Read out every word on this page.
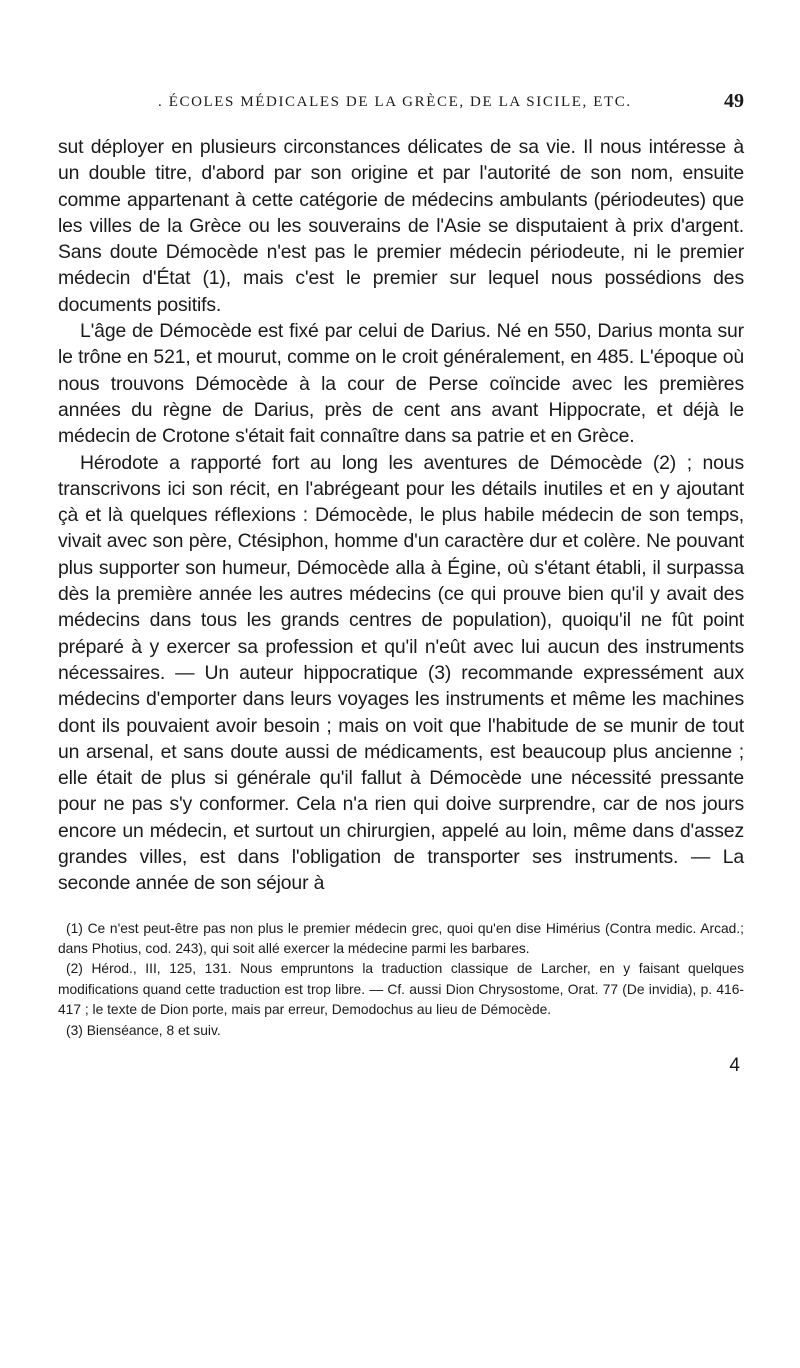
. ÉCOLES MÉDICALES DE LA GRÈCE, DE LA SICILE, ETC.	49

sut déployer en plusieurs circonstances délicates de sa vie. Il nous intéresse à un double titre, d'abord par son origine et par l'autorité de son nom, ensuite comme appartenant à cette catégorie de médecins ambulants (périodeutes) que les villes de la Grèce ou les souverains de l'Asie se disputaient à prix d'argent. Sans doute Démocède n'est pas le premier médecin périodeute, ni le premier médecin d'État (1), mais c'est le premier sur lequel nous possédions des documents positifs.

L'âge de Démocède est fixé par celui de Darius. Né en 550, Darius monta sur le trône en 521, et mourut, comme on le croit généralement, en 485. L'époque où nous trouvons Démocède à la cour de Perse coïncide avec les premières années du règne de Darius, près de cent ans avant Hippocrate, et déjà le médecin de Crotone s'était fait connaître dans sa patrie et en Grèce.

Hérodote a rapporté fort au long les aventures de Démocède (2) ; nous transcrivons ici son récit, en l'abrégeant pour les détails inutiles et en y ajoutant çà et là quelques réflexions : Démocède, le plus habile médecin de son temps, vivait avec son père, Ctésiphon, homme d'un caractère dur et colère. Ne pouvant plus supporter son humeur, Démocède alla à Égine, où s'étant établi, il surpassa dès la première année les autres médecins (ce qui prouve bien qu'il y avait des médecins dans tous les grands centres de population), quoiqu'il ne fût point préparé à y exercer sa profession et qu'il n'eût avec lui aucun des instruments nécessaires. — Un auteur hippocratique (3) recommande expressément aux médecins d'emporter dans leurs voyages les instruments et même les machines dont ils pouvaient avoir besoin ; mais on voit que l'habitude de se munir de tout un arsenal, et sans doute aussi de médicaments, est beaucoup plus ancienne ; elle était de plus si générale qu'il fallut à Démocède une nécessité pressante pour ne pas s'y conformer. Cela n'a rien qui doive surprendre, car de nos jours encore un médecin, et surtout un chirurgien, appelé au loin, même dans d'assez grandes villes, est dans l'obligation de transporter ses instruments. — La seconde année de son séjour à

(1) Ce n'est peut-être pas non plus le premier médecin grec, quoi qu'en dise Himérius (Contra medic. Arcad.; dans Photius, cod. 243), qui soit allé exercer la médecine parmi les barbares.

(2) Hérod., III, 125, 131. Nous empruntons la traduction classique de Larcher, en y faisant quelques modifications quand cette traduction est trop libre. — Cf. aussi Dion Chrysostome, Orat. 77 (De invidia), p. 416-417 ; le texte de Dion porte, mais par erreur, Demodochus au lieu de Démocède.

(3) Bienséance, 8 et suiv.

4
